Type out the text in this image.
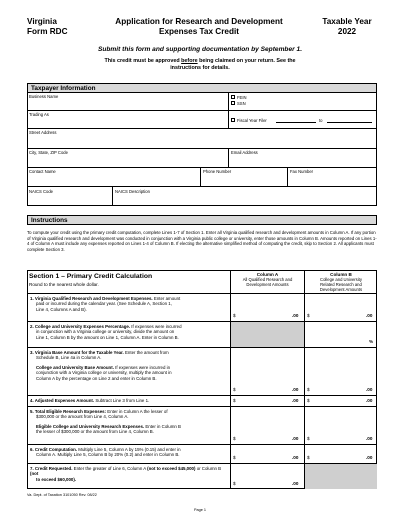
Virginia
Form RDC
Application for Research and Development
Expenses Tax Credit
Taxable Year
2022
Submit this form and supporting documentation by September 1.
This credit must be approved before being claimed on your return. See the
instructions for details.
Taxpayer Information
Business Name	FEIN
SSN
Trading As
Fiscal Year Filer	to
Street Address
City, State, ZIP Code	Email Address
Contact Name	Phone Number	Fax Number
NAICS Code	NAICS Description
Instructions
To compute your credit using the primary credit computation, complete Lines 1-7 of Section 1. Enter all Virginia qualified research and development amounts in Column A. If any portion of Virginia qualified research and development was conducted in conjunction with a Virginia public college or university, enter those amounts in Column B. Amounts reported on Lines 1-4 of Column A must include any expenses reported on Lines 1-4 of Column B. If electing the alternative simplified method of computing the credit, skip to Section 2. All applicants must complete Section 3.
Section 1 – Primary Credit Calculation
Round to the nearest whole dollar.
Column A
All Qualified Research and
Development Amounts
Column B
College and University
Related Research and
Development Amounts
1. Virginia Qualified Research and Development Expenses. Enter amount
paid or incurred during the calendar year. (See Schedule A, Section 1,
Line 4, Columns A and B).
$	.00 $	.00
2. College and University Expenses Percentage. If expenses were incurred
in conjunction with a Virginia college or university, divide the amount on
Line 1, Column B by the amount on Line 1, Column A. Enter in Column B.
%
3. Virginia Base Amount for the Taxable Year. Enter the amount from
Schedule B, Line 4a in Column A.

College and University Base Amount. If expenses were incurred in
conjunction with a Virginia college or university, multiply the amount in
Column A by the percentage on Line 2 and enter in Column B.
$	.00 $	.00
4. Adjusted Expenses Amount. Subtract Line 3 from Line 1.	$	.00 $	.00
5. Total Eligible Research Expenses: Enter in Column A the lesser of
$300,000 or the amount from Line 4, Column A.

Eligible College and University Research Expenses. Enter in Column B
the lesser of $300,000 or the amount from Line 4, Column B.
$	.00 $	.00
6. Credit Computation. Multiply Line 5, Column A by 15% (0.15) and enter in
Column A. Multiply Line 5, Column B by 20% (0.2) and enter in Column B.
$	.00 $	.00
7. Credit Requested. Enter the greater of Line 6, Column A (not to exceed $45,000) or Column B (not
to exceed $60,000).
$	.00
Va. Dept. of Taxation 3101050 Rev. 08/22
Page 1
